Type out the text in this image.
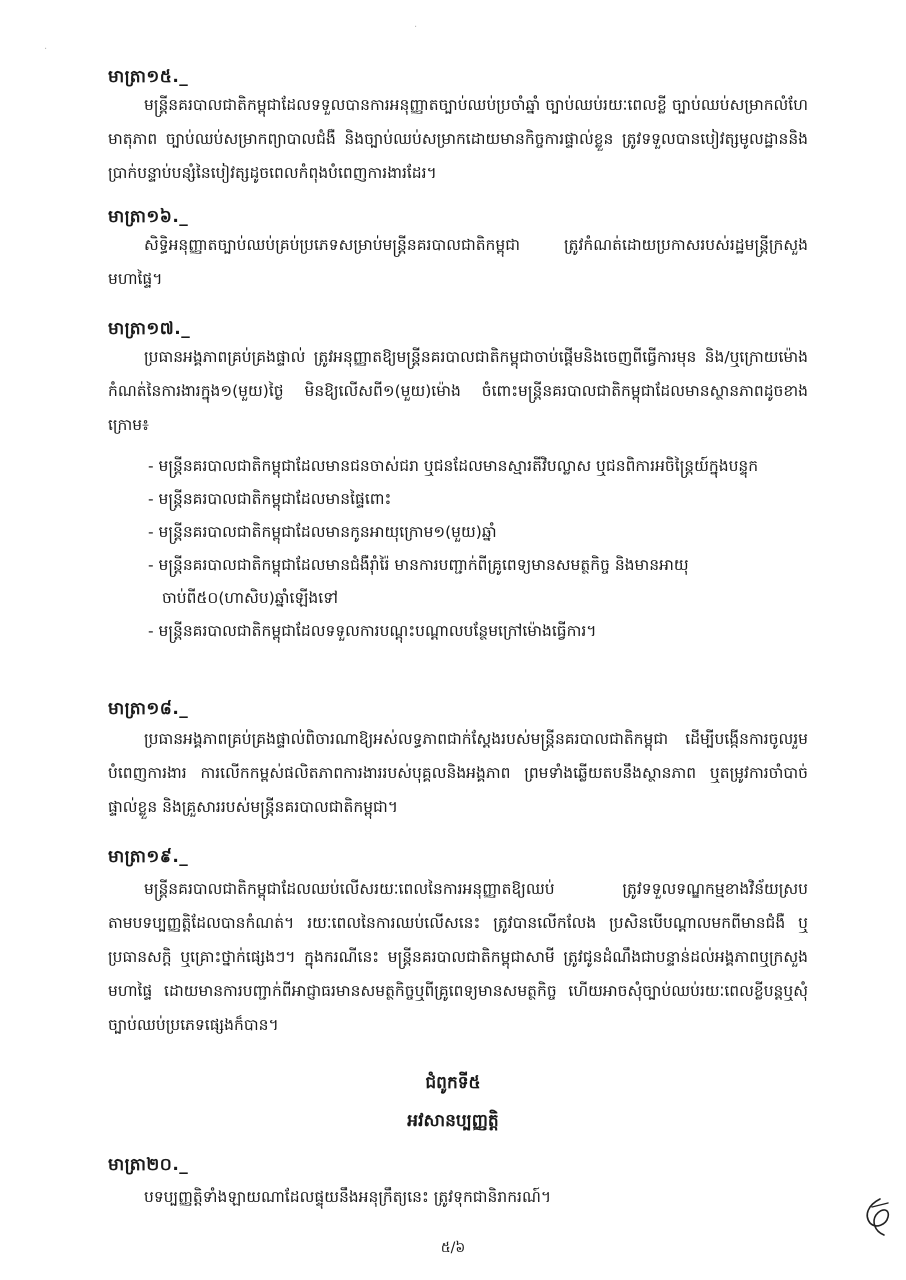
·
·
មាត្រា១៥._

មន្ត្រីនគរបាលជាតិកម្ពុជាដែលទទួលបានការអនុញ្ញាតច្បាប់ឈប់ប្រចាំឆ្នាំ ច្បាប់ឈប់រយៈពេលខ្លី ច្បាប់ឈប់សម្រាកលំហែមាតុភាព ច្បាប់ឈប់សម្រាកព្យាបាលជំងឺ និងច្បាប់ឈប់សម្រាកដោយមានកិច្ចការផ្ទាល់ខ្លួន ត្រូវទទួលបានបៀវត្សមូលដ្ឋាននិងប្រាក់បន្ទាប់បន្សំនៃបៀវត្សដូចពេលកំពុងបំពេញការងារដែរ។

មាត្រា១៦._

សិទ្ធិអនុញ្ញាតច្បាប់ឈប់គ្រប់ប្រភេទសម្រាប់មន្ត្រីនគរបាលជាតិកម្ពុជា ត្រូវកំណត់ដោយប្រកាសរបស់រដ្ឋមន្ត្រីក្រសួងមហាផ្ទៃ។

មាត្រា១៧._

ប្រធានអង្គភាពគ្រប់គ្រងផ្ទាល់ ត្រូវអនុញ្ញាតឱ្យមន្ត្រីនគរបាលជាតិកម្ពុជាចាប់ផ្តើមនិងចេញពីធ្វើការមុន និង/ឬក្រោយម៉ោងកំណត់នៃការងារក្នុង១(មួយ)ថ្ងៃ មិនឱ្យលើសពី១(មួយ)ម៉ោង ចំពោះមន្ត្រីនគរបាលជាតិកម្ពុជាដែលមានស្ថានភាពដូចខាងក្រោម៖

- មន្ត្រីនគរបាលជាតិកម្ពុជាដែលមានជនចាស់ជរា ឬជនដែលមានស្មារតីវិបល្លាស ឬជនពិការអចិន្ត្រៃយ៍ក្នុងបន្ទុក
- មន្ត្រីនគរបាលជាតិកម្ពុជាដែលមានផ្ទៃពោះ
- មន្ត្រីនគរបាលជាតិកម្ពុជាដែលមានកូនអាយុក្រោម១(មួយ)ឆ្នាំ
- មន្ត្រីនគរបាលជាតិកម្ពុជាដែលមានជំងឺរ៉ាំរ៉ៃ មានការបញ្ជាក់ពីគ្រូពេទ្យមានសមត្ថកិច្ច និងមានអាយុចាប់ពី៥០(ហាសិប)ឆ្នាំឡើងទៅ
- មន្ត្រីនគរបាលជាតិកម្ពុជាដែលទទួលការបណ្តុះបណ្តាលបន្ថែមក្រៅម៉ោងធ្វើការ។
មាត្រា១៨._

ប្រធានអង្គភាពគ្រប់គ្រងផ្ទាល់ពិចារណាឱ្យអស់លទ្ធភាពជាក់ស្តែងរបស់មន្ត្រីនគរបាលជាតិកម្ពុជា ដើម្បីបង្កើនការចូលរួមបំពេញការងារ ការលើកកម្ពស់ផលិតភាពការងាររបស់បុគ្គលនិងអង្គភាព ព្រមទាំងឆ្លើយតបនឹងស្ថានភាព ឬតម្រូវការចាំបាច់ផ្ទាល់ខ្លួន និងគ្រួសាររបស់មន្ត្រីនគរបាលជាតិកម្ពុជា។

មាត្រា១៩._

មន្ត្រីនគរបាលជាតិកម្ពុជាដែលឈប់លើសរយៈពេលនៃការអនុញ្ញាតឱ្យឈប់ ត្រូវទទួលទណ្ឌកម្មខាងវិន័យស្របតាមបទប្បញ្ញត្តិដែលបានកំណត់។ រយៈពេលនៃការឈប់លើសនេះ ត្រូវបានលើកលែង ប្រសិនបើបណ្តាលមកពីមានជំងឺ ឬប្រធានសក្តិ ឬគ្រោះថ្នាក់ផ្សេងៗ។ ក្នុងករណីនេះ មន្ត្រីនគរបាលជាតិកម្ពុជាសាមី ត្រូវជូនដំណឹងជាបន្ទាន់ដល់អង្គភាពឬក្រសួងមហាផ្ទៃ ដោយមានការបញ្ជាក់ពីអាជ្ញាធរមានសមត្ថកិច្ចឬពីគ្រូពេទ្យមានសមត្ថកិច្ច ហើយអាចសុំច្បាប់ឈប់រយៈពេលខ្លីបន្តឬសុំច្បាប់ឈប់ប្រភេទផ្សេងក៏បាន។

ជំពូកទី៥
អវសានប្បញ្ញត្តិ
មាត្រា២០._

បទប្បញ្ញត្តិទាំងឡាយណាដែលផ្ទុយនឹងអនុក្រឹត្យនេះ ត្រូវទុកជានិរាករណ៍។

៥/៦
